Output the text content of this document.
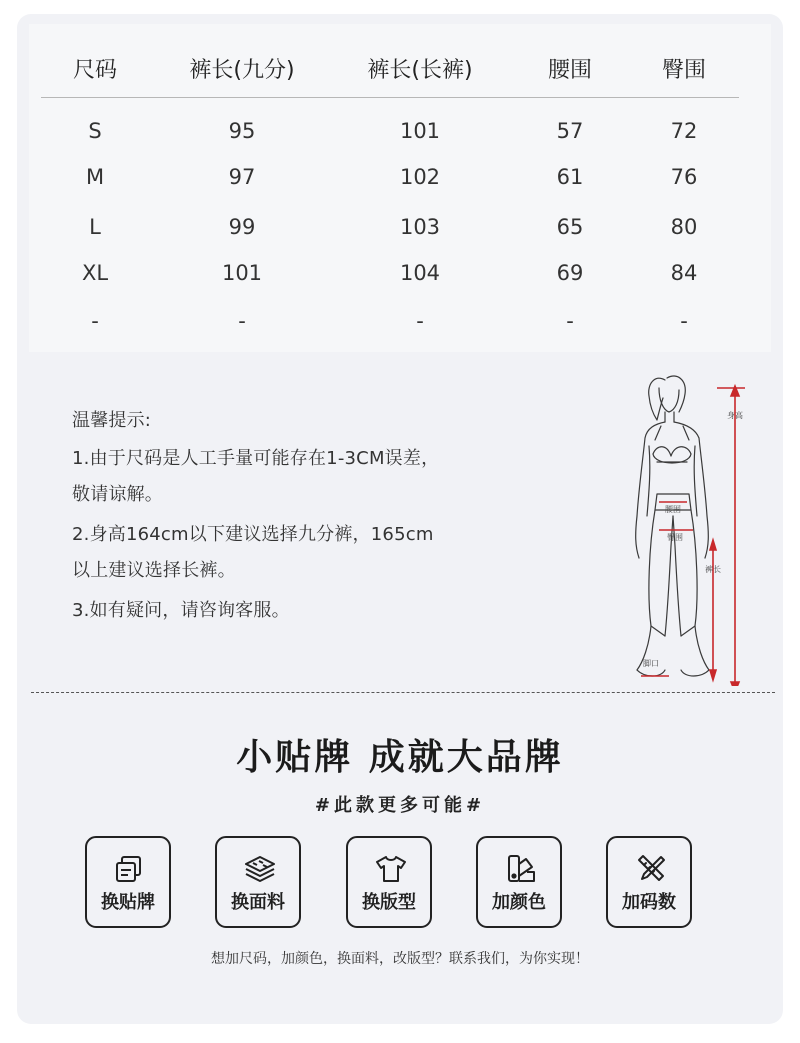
尺码	裤长(九分)	裤长(长裤)	腰围	臀围
S	95	101	57	72
M	97	102	61	76
L	99	103	65	80
XL	101	104	69	84
-	-	-	-	-
温馨提示:
1.由于尺码是人工手量可能存在1-3CM误差，
敬请谅解。
2.身高164cm以下建议选择九分裤，165cm
以上建议选择长裤。
3.如有疑问，请咨询客服。
身高
腰围
臀围
裤长
脚口
小贴牌 成就大品牌
#此款更多可能#
换贴牌	换面料	换版型	加颜色	加码数
想加尺码，加颜色，换面料，改版型？联系我们，为你实现！
